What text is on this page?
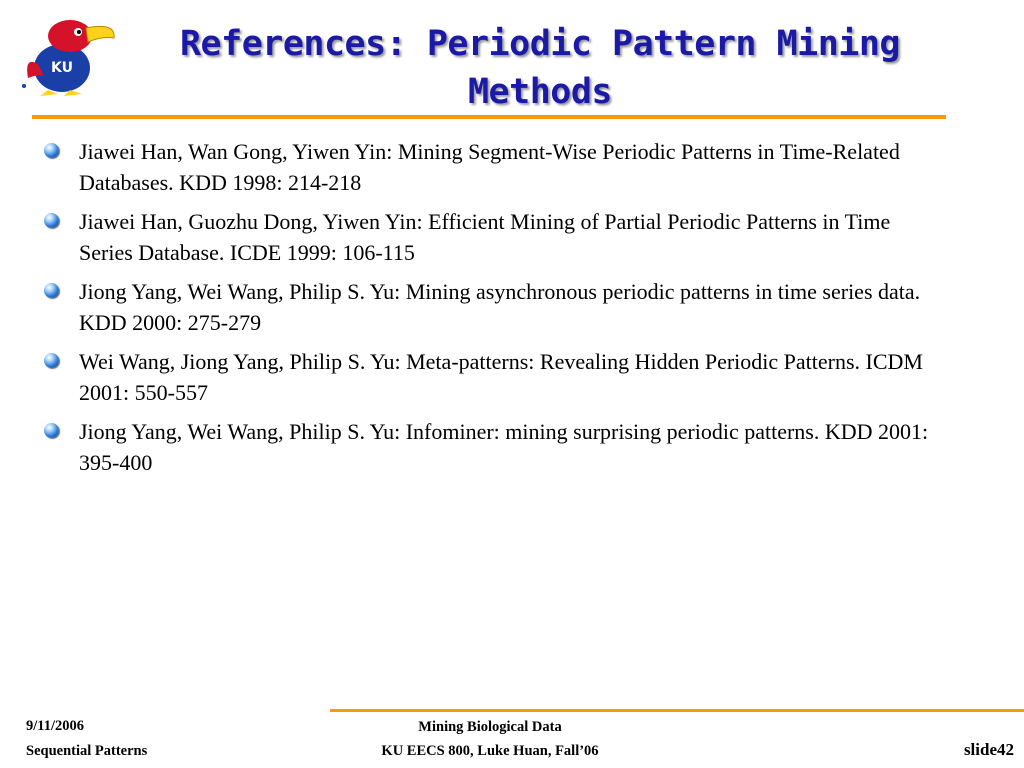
KU
References: Periodic Pattern Mining
Methods
Jiawei Han, Wan Gong, Yiwen Yin: Mining Segment-Wise Periodic Patterns in Time-Related Databases. KDD 1998: 214-218
Jiawei Han, Guozhu Dong, Yiwen Yin: Efficient Mining of Partial Periodic Patterns in Time Series Database. ICDE 1999: 106-115
Jiong Yang, Wei Wang, Philip S. Yu: Mining asynchronous periodic patterns in time series data. KDD 2000: 275-279
Wei Wang, Jiong Yang, Philip S. Yu: Meta-patterns: Revealing Hidden Periodic Patterns. ICDM 2001: 550-557
Jiong Yang, Wei Wang, Philip S. Yu: Infominer: mining surprising periodic patterns. KDD 2001: 395-400
9/11/2006
Sequential Patterns
Mining Biological Data
KU EECS 800, Luke Huan, Fall’06	slide42
